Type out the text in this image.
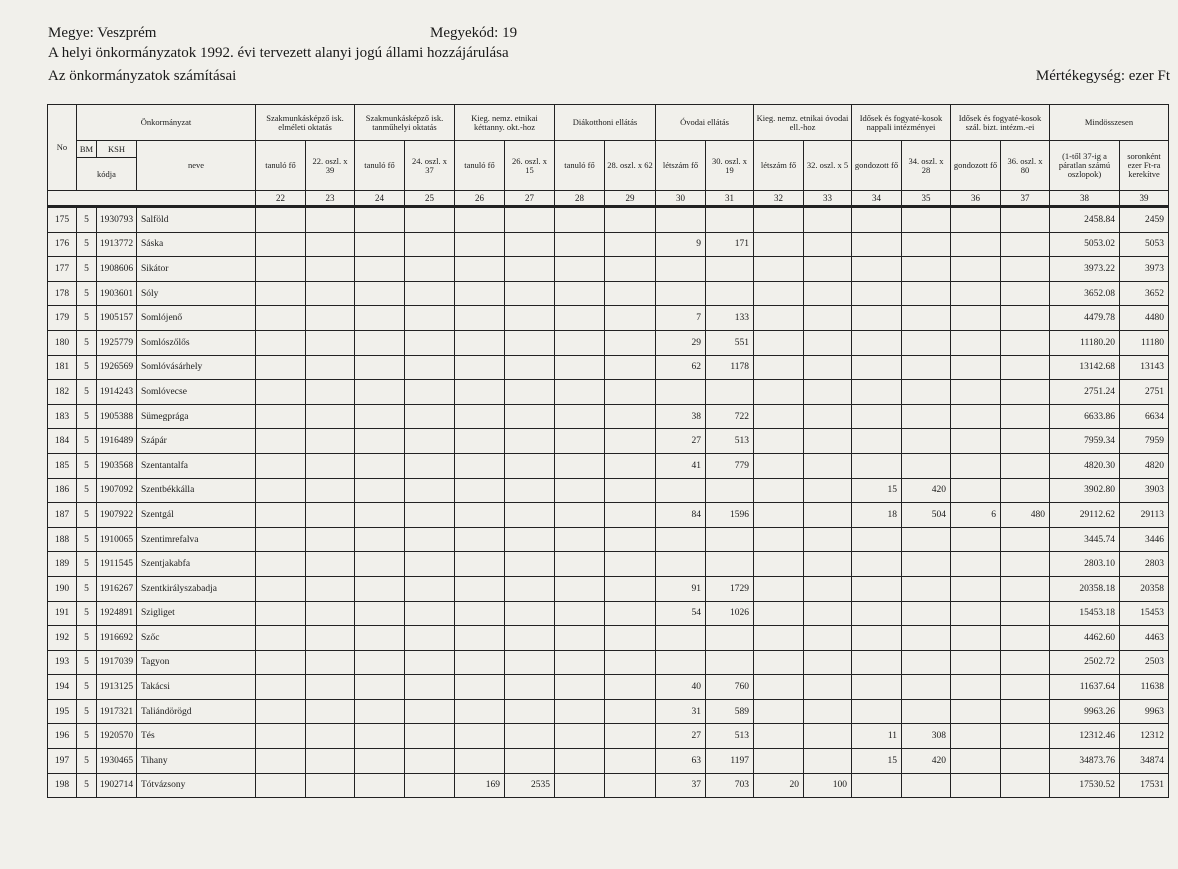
Megye: Veszprém	Megyekód: 19
A helyi önkormányzatok 1992. évi tervezett alanyi jogú állami hozzájárulása
Az önkormányzatok számításai	Mértékegység: ezer Ft
No	Önkormányzat			Szakmunkásképző isk. elméleti oktatás		Szakmunkásképző isk. tanműhelyi oktatás		Kieg. nemz. etnikai kéttanny. okt.-hoz		Diákotthoni ellátás		Óvodai ellátás		Kieg. nemz. etnikai óvodai ell.-hoz		Idősek és fogyaté-kosok nappali intézményei		Idősek és fogyaté-kosok szál. bizt. intézm.-ei		Mindösszesen	
	BM	KSH	neve	tanuló fő	22. oszl. x 39	tanuló fő	24. oszl. x 37	tanuló fő	26. oszl. x 15	tanuló fő	28. oszl. x 62	létszám fő	30. oszl. x 19	létszám fő	32. oszl. x 5	gondozott fő	34. oszl. x 28	gondozott fő	36. oszl. x 80	(1-től 37-ig a páratlan számú oszlopok)	soronként ezer Ft-ra kerekítve
	kódja																				
				22	23	24	25	26	27	28	29	30	31	32	33	34	35	36	37	38	39
175	5	1930793	Salföld																	2458.84	2459
176	5	1913772	Sáska									9	171							5053.02	5053
177	5	1908606	Sikátor																	3973.22	3973
178	5	1903601	Sóly																	3652.08	3652
179	5	1905157	Somlójenő									7	133							4479.78	4480
180	5	1925779	Somlószőlős									29	551							11180.20	11180
181	5	1926569	Somlóvásárhely									62	1178							13142.68	13143
182	5	1914243	Somlóvecse																	2751.24	2751
183	5	1905388	Sümegprága									38	722							6633.86	6634
184	5	1916489	Szápár									27	513							7959.34	7959
185	5	1903568	Szentantalfa									41	779							4820.30	4820
186	5	1907092	Szentbékkálla													15	420			3902.80	3903
187	5	1907922	Szentgál									84	1596			18	504	6	480	29112.62	29113
188	5	1910065	Szentimrefalva																	3445.74	3446
189	5	1911545	Szentjakabfa																	2803.10	2803
190	5	1916267	Szentkirályszabadja									91	1729							20358.18	20358
191	5	1924891	Szigliget									54	1026							15453.18	15453
192	5	1916692	Szőc																	4462.60	4463
193	5	1917039	Tagyon																	2502.72	2503
194	5	1913125	Takácsi									40	760							11637.64	11638
195	5	1917321	Taliándörögd									31	589							9963.26	9963
196	5	1920570	Tés									27	513			11	308			12312.46	12312
197	5	1930465	Tihany									63	1197			15	420			34873.76	34874
198	5	1902714	Tótvázsony					169	2535			37	703	20	100					17530.52	17531
